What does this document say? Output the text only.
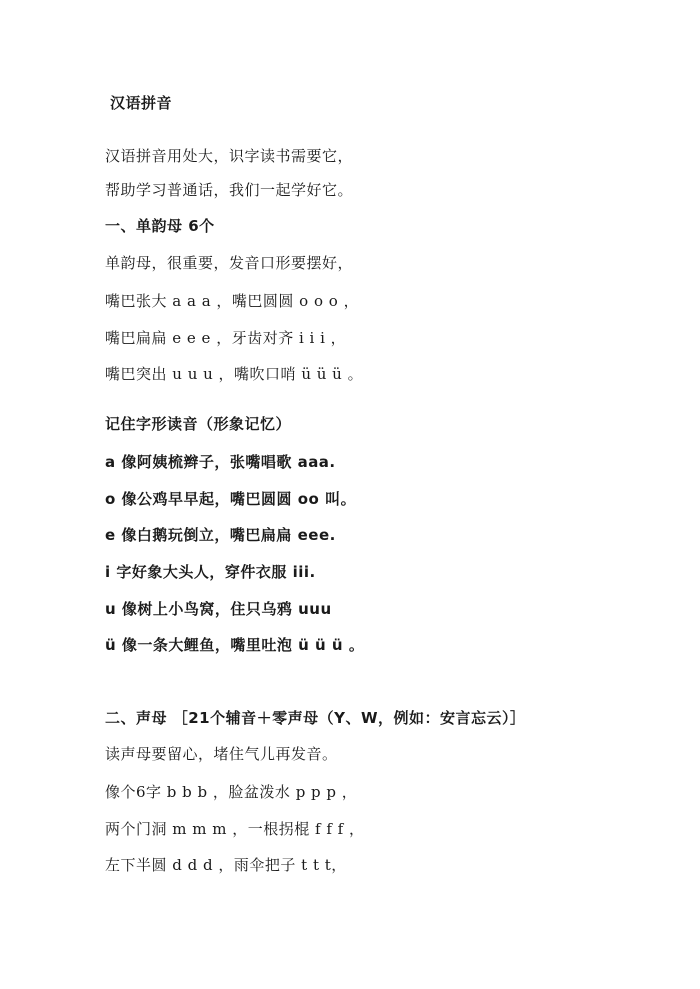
汉语拼音
汉语拼音用处大，识字读书需要它，
帮助学习普通话，我们一起学好它。
一、单韵母 6个
单韵母，很重要，发音口形要摆好，
嘴巴张大 a a a ，嘴巴圆圆 o o o ，
嘴巴扁扁 e e e ，牙齿对齐 i i i ，
嘴巴突出 u u u ，嘴吹口哨 ü ü ü 。
记住字形读音（形象记忆）
a 像阿姨梳辫子，张嘴唱歌 aaa.
o 像公鸡早早起，嘴巴圆圆 oo 叫。
e 像白鹅玩倒立，嘴巴扁扁 eee.
i 字好象大头人，穿件衣服 iii.
u 像树上小鸟窝，住只乌鸦 uuu
ü 像一条大鲤鱼，嘴里吐泡 ü ü ü 。
二、声母 ［21个辅音＋零声母（Y、W，例如：安言忘云）］
读声母要留心，堵住气儿再发音。
像个6字 b b b ，脸盆泼水 p p p ，
两个门洞 m m m ，一根拐棍 f f f ，
左下半圆 d d d ，雨伞把子 t t t，
